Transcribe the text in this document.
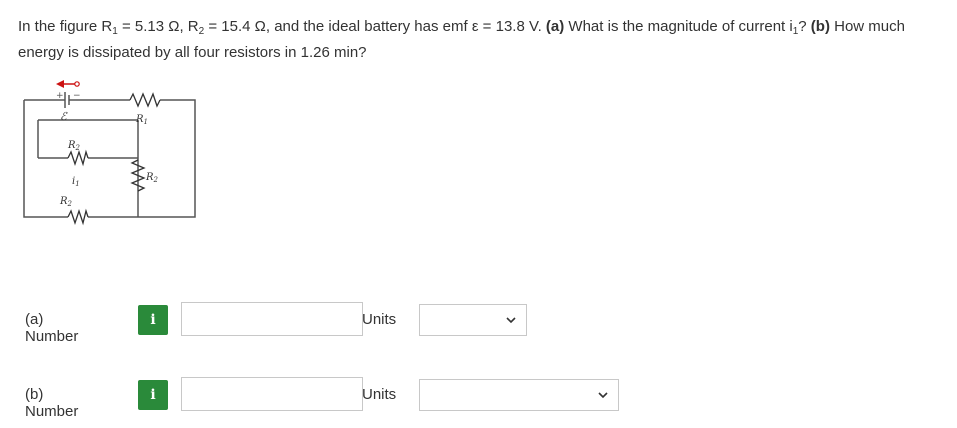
In the figure $R_1 = 5.13$ Ω, $R_2 = 15.4$ Ω, and the ideal battery has emf ε = 13.8 V. (a) What is the magnitude of current $i_1$? (b) How much energy is dissipated by all four resistors in 1.26 min?
+ −
ℰ	$R_1$
$R_2$
$i_1$
$R_2$
$R_2$
(a) Number
i	Units
(b) Number
i	Units
